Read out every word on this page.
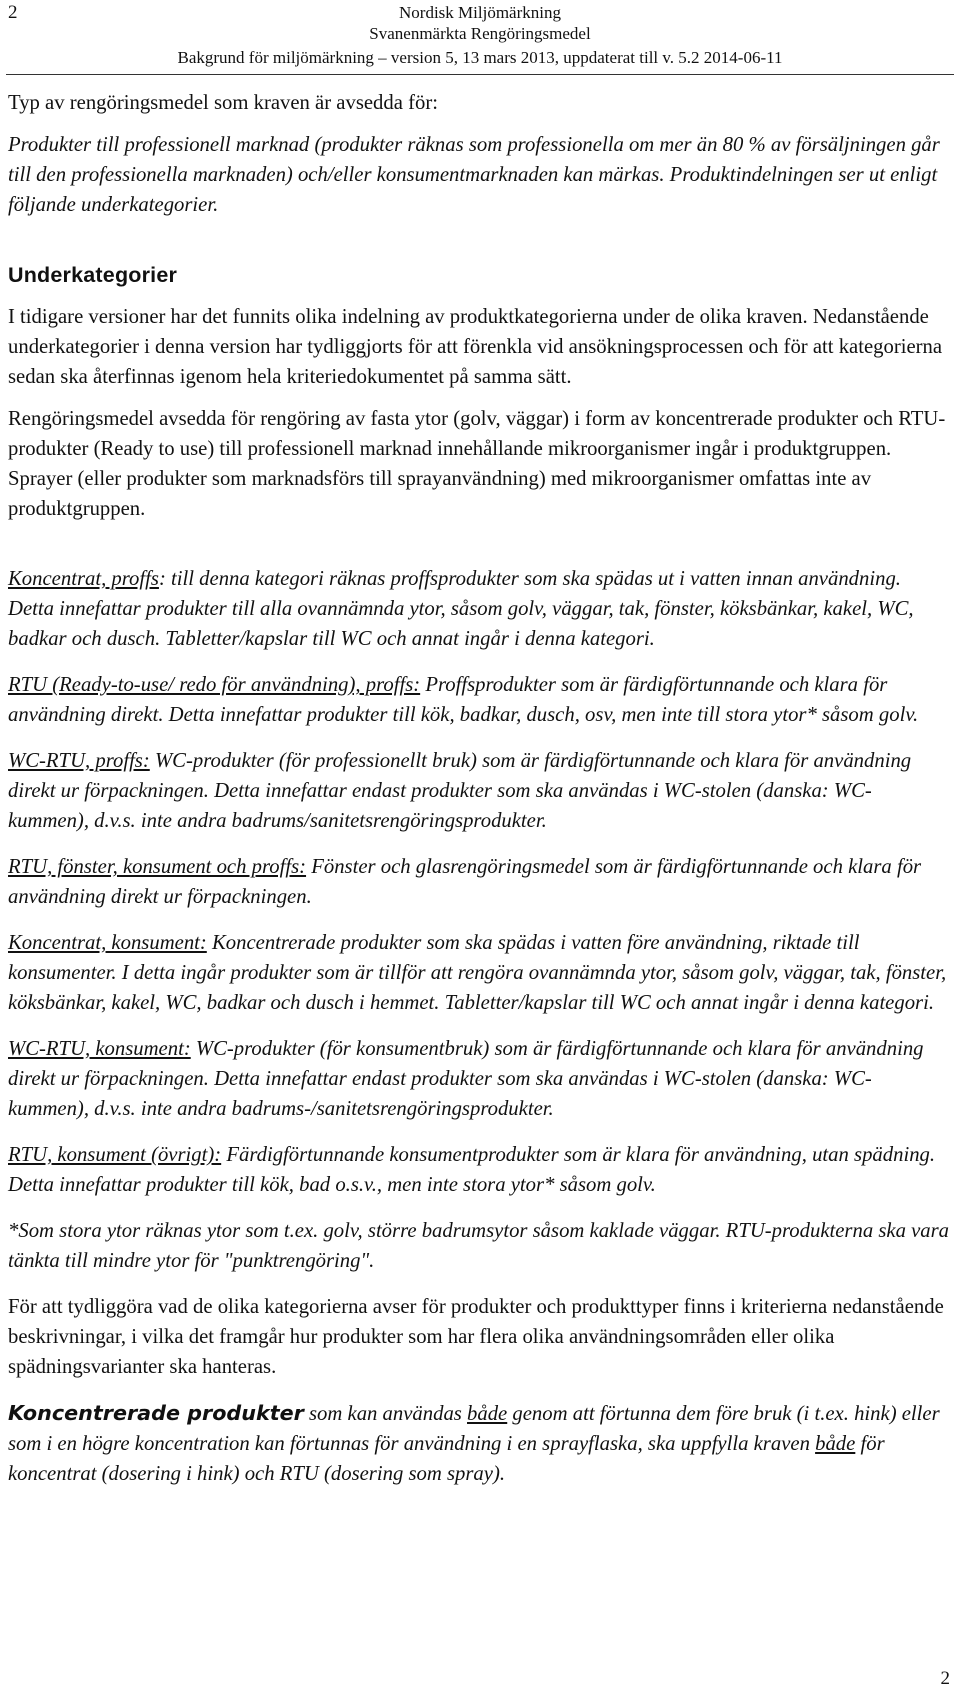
2	Nordisk Miljömärkning
Svanenmärkta Rengöringsmedel
Bakgrund för miljömärkning – version 5, 13 mars 2013, uppdaterat till v. 5.2 2014-06-11

Typ av rengöringsmedel som kraven är avsedda för:

Produkter till professionell marknad (produkter räknas som professionella om mer än 80 % av försäljningen går till den professionella marknaden) och/eller konsumentmarknaden kan märkas. Produktindelningen ser ut enligt följande underkategorier.

Underkategorier

I tidigare versioner har det funnits olika indelning av produktkategorierna under de olika kraven. Nedanstående underkategorier i denna version har tydliggjorts för att förenkla vid ansökningsprocessen och för att kategorierna sedan ska återfinnas igenom hela kriteriedokumentet på samma sätt.

Rengöringsmedel avsedda för rengöring av fasta ytor (golv, väggar) i form av koncentrerade produkter och RTU-produkter (Ready to use) till professionell marknad innehållande mikroorganismer ingår i produktgruppen. Sprayer (eller produkter som marknadsförs till sprayanvändning) med mikroorganismer omfattas inte av produktgruppen.

Koncentrat, proffs: till denna kategori räknas proffsprodukter som ska spädas ut i vatten innan användning. Detta innefattar produkter till alla ovannämnda ytor, såsom golv, väggar, tak, fönster, köksbänkar, kakel, WC, badkar och dusch. Tabletter/kapslar till WC och annat ingår i denna kategori.

RTU (Ready-to-use/ redo för användning), proffs: Proffsprodukter som är färdigförtunnande och klara för användning direkt. Detta innefattar produkter till kök, badkar, dusch, osv, men inte till stora ytor* såsom golv.

WC-RTU, proffs: WC-produkter (för professionellt bruk) som är färdigförtunnande och klara för användning direkt ur förpackningen. Detta innefattar endast produkter som ska användas i WC-stolen (danska: WC-kummen), d.v.s. inte andra badrums/sanitetsrengöringsprodukter.

RTU, fönster, konsument och proffs: Fönster och glasrengöringsmedel som är färdigförtunnande och klara för användning direkt ur förpackningen.

Koncentrat, konsument: Koncentrerade produkter som ska spädas i vatten före användning, riktade till konsumenter. I detta ingår produkter som är tillför att rengöra ovannämnda ytor, såsom golv, väggar, tak, fönster, köksbänkar, kakel, WC, badkar och dusch i hemmet. Tabletter/kapslar till WC och annat ingår i denna kategori.

WC-RTU, konsument: WC-produkter (för konsumentbruk) som är färdigförtunnande och klara för användning direkt ur förpackningen. Detta innefattar endast produkter som ska användas i WC-stolen (danska: WC-kummen), d.v.s. inte andra badrums-/sanitetsrengöringsprodukter.

RTU, konsument (övrigt): Färdigförtunnande konsumentprodukter som är klara för användning, utan spädning. Detta innefattar produkter till kök, bad o.s.v., men inte stora ytor* såsom golv.

*Som stora ytor räknas ytor som t.ex. golv, större badrumsytor såsom kaklade väggar. RTU-produkterna ska vara tänkta till mindre ytor för "punktrengöring".

För att tydliggöra vad de olika kategorierna avser för produkter och produkttyper finns i kriterierna nedanstående beskrivningar, i vilka det framgår hur produkter som har flera olika användningsområden eller olika spädningsvarianter ska hanteras.

Koncentrerade produkter som kan användas både genom att förtunna dem före bruk (i t.ex. hink) eller som i en högre koncentration kan förtunnas för användning i en sprayflaska, ska uppfylla kraven både för koncentrat (dosering i hink) och RTU (dosering som spray).

2
